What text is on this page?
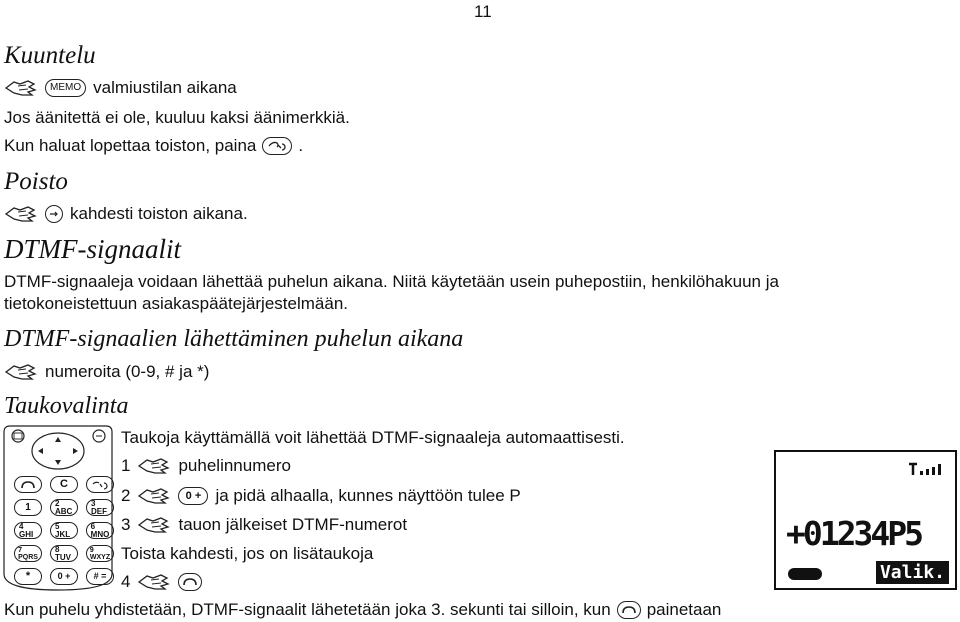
11
Kuuntelu
MEMO valmiustilan aikana
Jos äänitettä ei ole, kuuluu kaksi äänimerkkiä.
Kun haluat lopettaa toiston, paina .
Poisto
kahdesti toiston aikana.
DTMF-signaalit
DTMF-signaaleja voidaan lähettää puhelun aikana. Niitä käytetään usein puhepostiin, henkilöhakuun ja
tietokoneistettuun asiakaspäätejärjestelmään.
DTMF-signaalien lähettäminen puhelun aikana
numeroita (0-9, # ja *)
Taukovalinta
C
1	2 ABC
3 DEF
4 GHI
5 JKL
6 MNO
7 PQRS
8 TUV
9 WXYZ
*	0 +	# =
Taukoja käyttämällä voit lähettää DTMF-signaaleja automaattisesti.
1	puhelinnumero
2	0 + ja pidä alhaalla, kunnes näyttöön tulee P
3	tauon jälkeiset DTMF-numerot
Toista kahdesti, jos on lisätaukoja
4
Kun puhelu yhdistetään, DTMF-signaalit lähetetään joka 3. sekunti tai silloin, kun painetaan
+01234P5
Valik.
